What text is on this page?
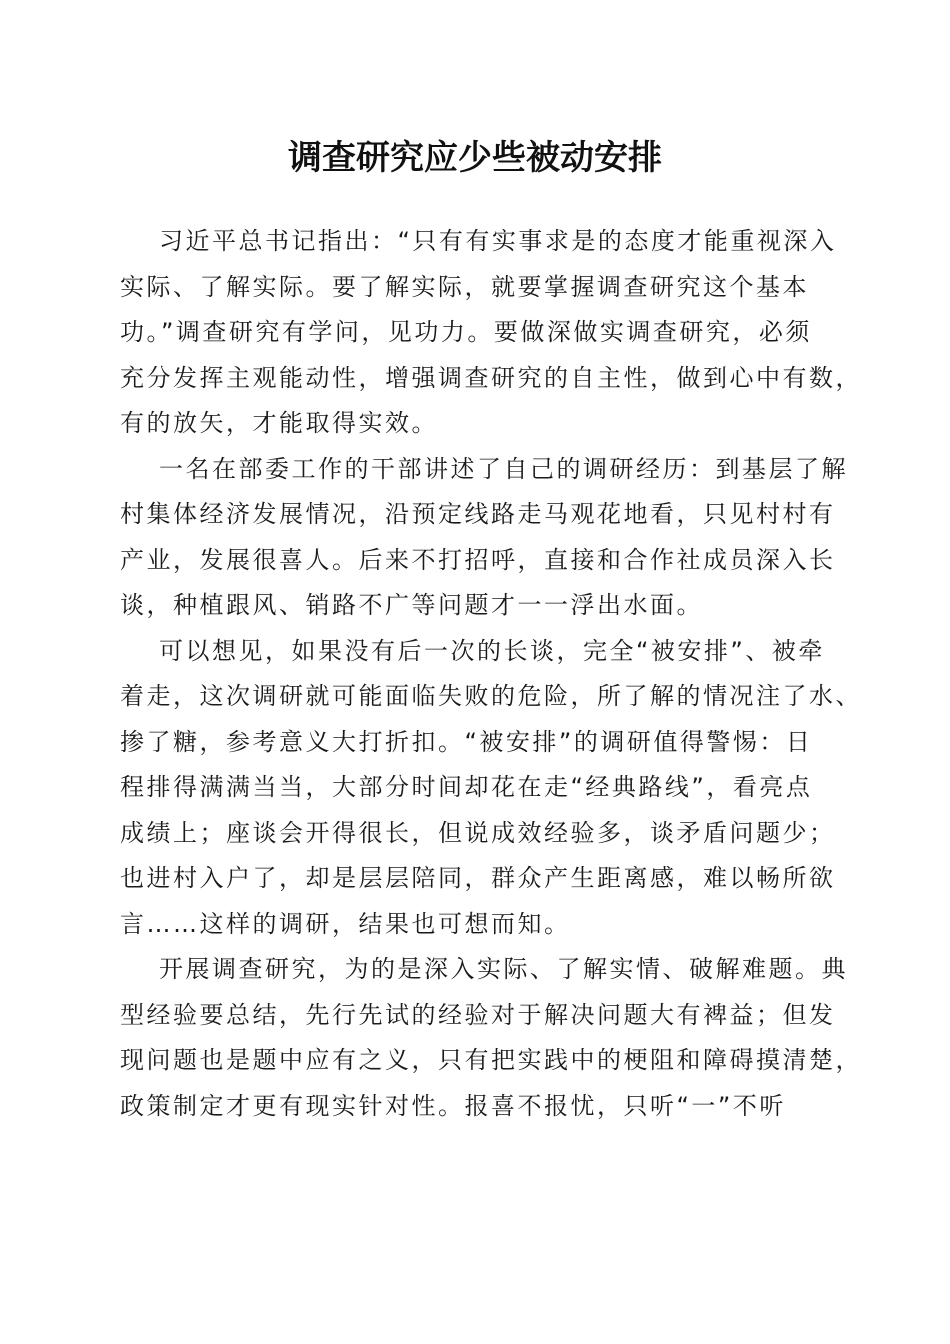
调查研究应少些被动安排
习近平总书记指出：“只有有实事求是的态度才能重视深入
实际、了解实际。要了解实际，就要掌握调查研究这个基本
功。”调查研究有学问，见功力。要做深做实调查研究，必须
充分发挥主观能动性，增强调查研究的自主性，做到心中有数，
有的放矢，才能取得实效。
一名在部委工作的干部讲述了自己的调研经历：到基层了解
村集体经济发展情况，沿预定线路走马观花地看，只见村村有
产业，发展很喜人。后来不打招呼，直接和合作社成员深入长
谈，种植跟风、销路不广等问题才一一浮出水面。
可以想见，如果没有后一次的长谈，完全“被安排”、被牵
着走，这次调研就可能面临失败的危险，所了解的情况注了水、
掺了糖，参考意义大打折扣。“被安排”的调研值得警惕：日
程排得满满当当，大部分时间却花在走“经典路线”，看亮点
成绩上；座谈会开得很长，但说成效经验多，谈矛盾问题少；
也进村入户了，却是层层陪同，群众产生距离感，难以畅所欲
言……这样的调研，结果也可想而知。
开展调查研究，为的是深入实际、了解实情、破解难题。典
型经验要总结，先行先试的经验对于解决问题大有裨益；但发
现问题也是题中应有之义，只有把实践中的梗阻和障碍摸清楚，
政策制定才更有现实针对性。报喜不报忧，只听“一”不听
